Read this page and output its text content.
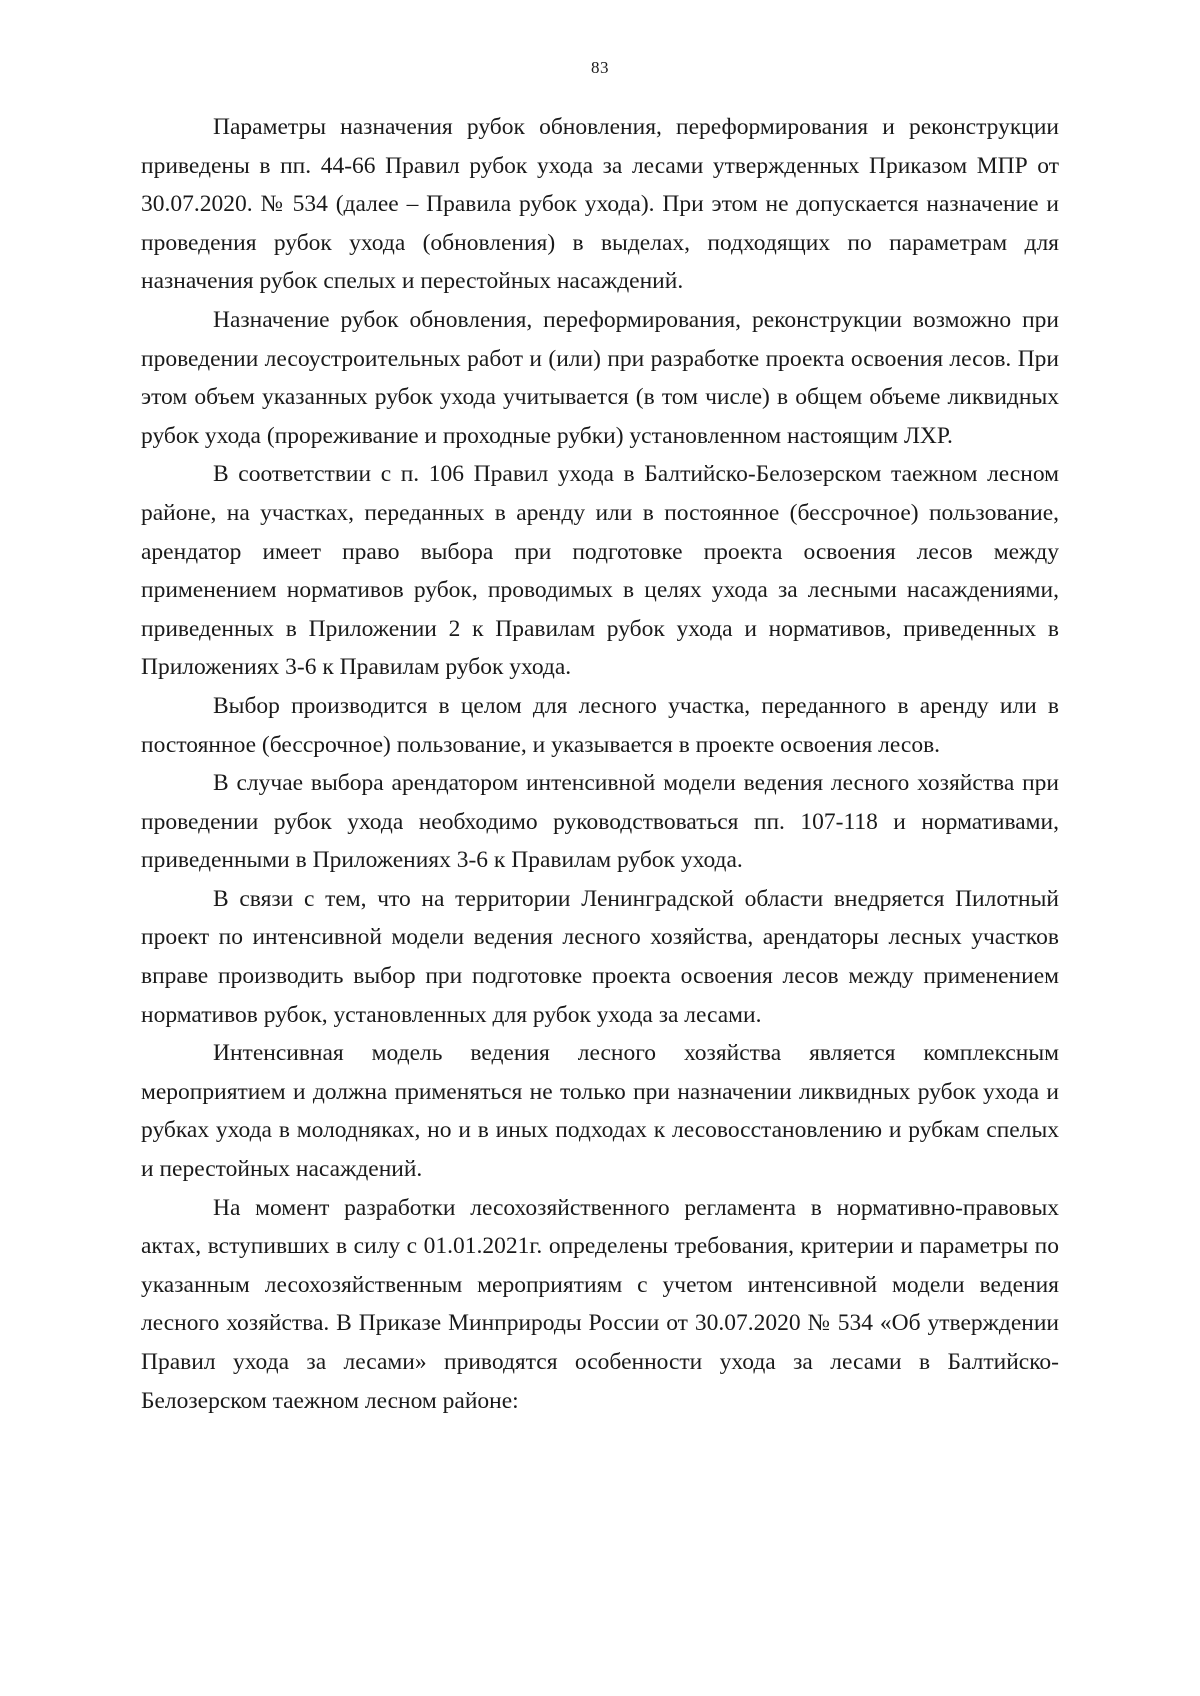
83

Параметры назначения рубок обновления, переформирования и реконструкции приведены в пп. 44-66 Правил рубок ухода за лесами утвержденных Приказом МПР от 30.07.2020. № 534 (далее – Правила рубок ухода). При этом не допускается назначение и проведения рубок ухода (обновления) в выделах, подходящих по параметрам для назначения рубок спелых и перестойных насаждений.

Назначение рубок обновления, переформирования, реконструкции возможно при проведении лесоустроительных работ и (или) при разработке проекта освоения лесов. При этом объем указанных рубок ухода учитывается (в том числе) в общем объеме ликвидных рубок ухода (прореживание и проходные рубки) установленном настоящим ЛХР.

В соответствии с п. 106 Правил ухода в Балтийско-Белозерском таежном лесном районе, на участках, переданных в аренду или в постоянное (бессрочное) пользование, арендатор имеет право выбора при подготовке проекта освоения лесов между применением нормативов рубок, проводимых в целях ухода за лесными насаждениями, приведенных в Приложении 2 к Правилам рубок ухода и нормативов, приведенных в Приложениях 3-6 к Правилам рубок ухода.

Выбор производится в целом для лесного участка, переданного в аренду или в постоянное (бессрочное) пользование, и указывается в проекте освоения лесов.

В случае выбора арендатором интенсивной модели ведения лесного хозяйства при проведении рубок ухода необходимо руководствоваться пп. 107-118 и нормативами, приведенными в Приложениях 3-6 к Правилам рубок ухода.

В связи с тем, что на территории Ленинградской области внедряется Пилотный проект по интенсивной модели ведения лесного хозяйства, арендаторы лесных участков вправе производить выбор при подготовке проекта освоения лесов между применением нормативов рубок, установленных для рубок ухода за лесами.

Интенсивная модель ведения лесного хозяйства является комплексным мероприятием и должна применяться не только при назначении ликвидных рубок ухода и рубках ухода в молодняках, но и в иных подходах к лесовосстановлению и рубкам спелых и перестойных насаждений.

На момент разработки лесохозяйственного регламента в нормативно-правовых актах, вступивших в силу с 01.01.2021г. определены требования, критерии и параметры по указанным лесохозяйственным мероприятиям с учетом интенсивной модели ведения лесного хозяйства. В Приказе Минприроды России от 30.07.2020 № 534 «Об утверждении Правил ухода за лесами» приводятся особенности ухода за лесами в Балтийско-Белозерском таежном лесном районе:
